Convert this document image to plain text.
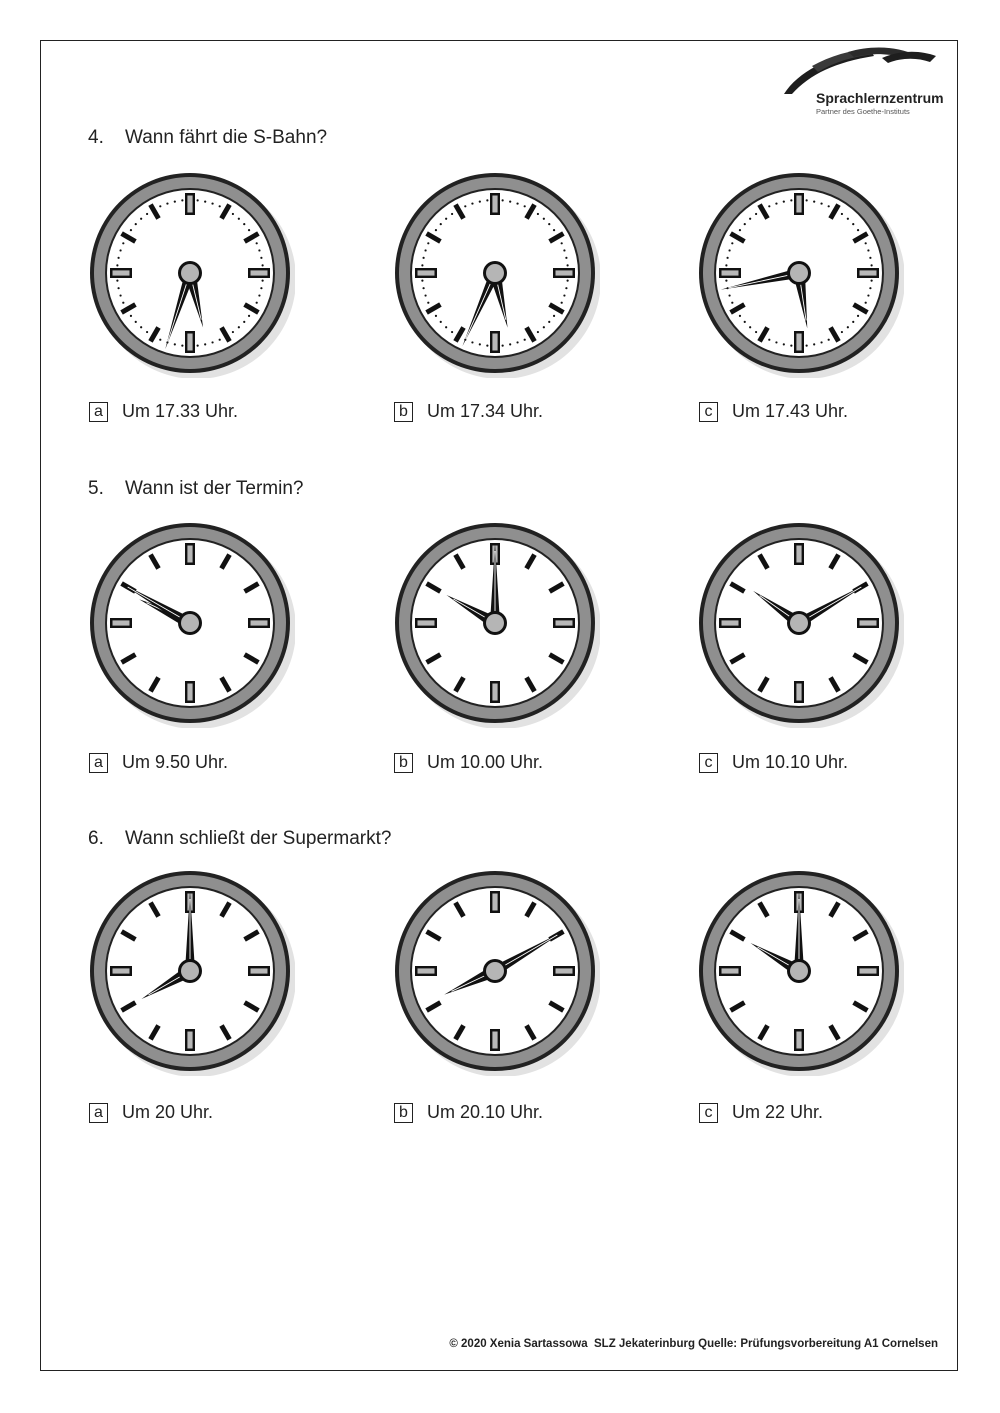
Sprachlernzentrum
Partner des Goethe-Instituts
4. Wann fährt die S-Bahn?
a Um 17.33 Uhr.	b Um 17.34 Uhr.	c Um 17.43 Uhr.
5. Wann ist der Termin?
a Um 9.50 Uhr.	b Um 10.00 Uhr.	c Um 10.10 Uhr.
6. Wann schließt der Supermarkt?
a Um 20 Uhr.	b Um 20.10 Uhr.	c Um 22 Uhr.
© 2020 Xenia Sartassowa  SLZ Jekaterinburg Quelle: Prüfungsvorbereitung A1 Cornelsen
